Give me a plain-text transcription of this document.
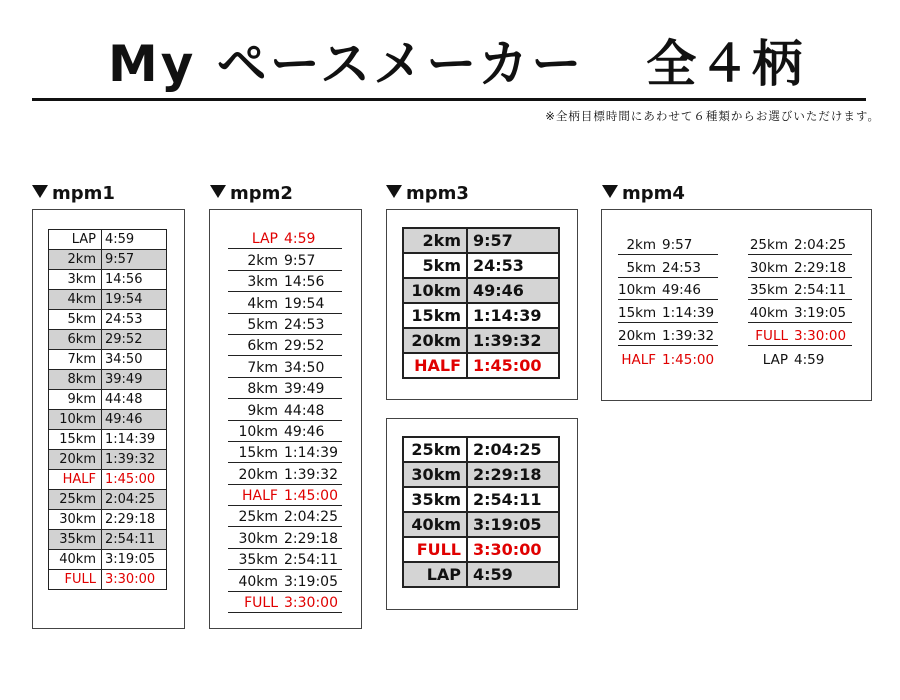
My ペースメーカー 全４柄
※全柄目標時間にあわせて６種類からお選びいただけます。
mpm1	mpm2	mpm3	mpm4
LAP	4:59
2km	9:57
3km	14:56
4km	19:54
5km	24:53
6km	29:52
7km	34:50
8km	39:49
9km	44:48
10km	49:46
15km	1:14:39
20km	1:39:32
HALF	1:45:00
25km	2:04:25
30km	2:29:18
35km	2:54:11
40km	3:19:05
FULL	3:30:00
LAP 4:59
2km 9:57
3km 14:56
4km 19:54
5km 24:53
6km 29:52
7km 34:50
8km 39:49
9km 44:48
10km 49:46
15km 1:14:39
20km 1:39:32
HALF 1:45:00
25km 2:04:25
30km 2:29:18
35km 2:54:11
40km 3:19:05
FULL 3:30:00
2km	9:57
5km	24:53
10km	49:46
15km	1:14:39
20km	1:39:32
HALF	1:45:00
25km	2:04:25
30km	2:29:18
35km	2:54:11
40km	3:19:05
FULL	3:30:00
LAP	4:59
2km 9:57
5km 24:53
10km 49:46
15km 1:14:39
20km 1:39:32
HALF 1:45:00
25km 2:04:25
30km 2:29:18
35km 2:54:11
40km 3:19:05
FULL 3:30:00
LAP 4:59
